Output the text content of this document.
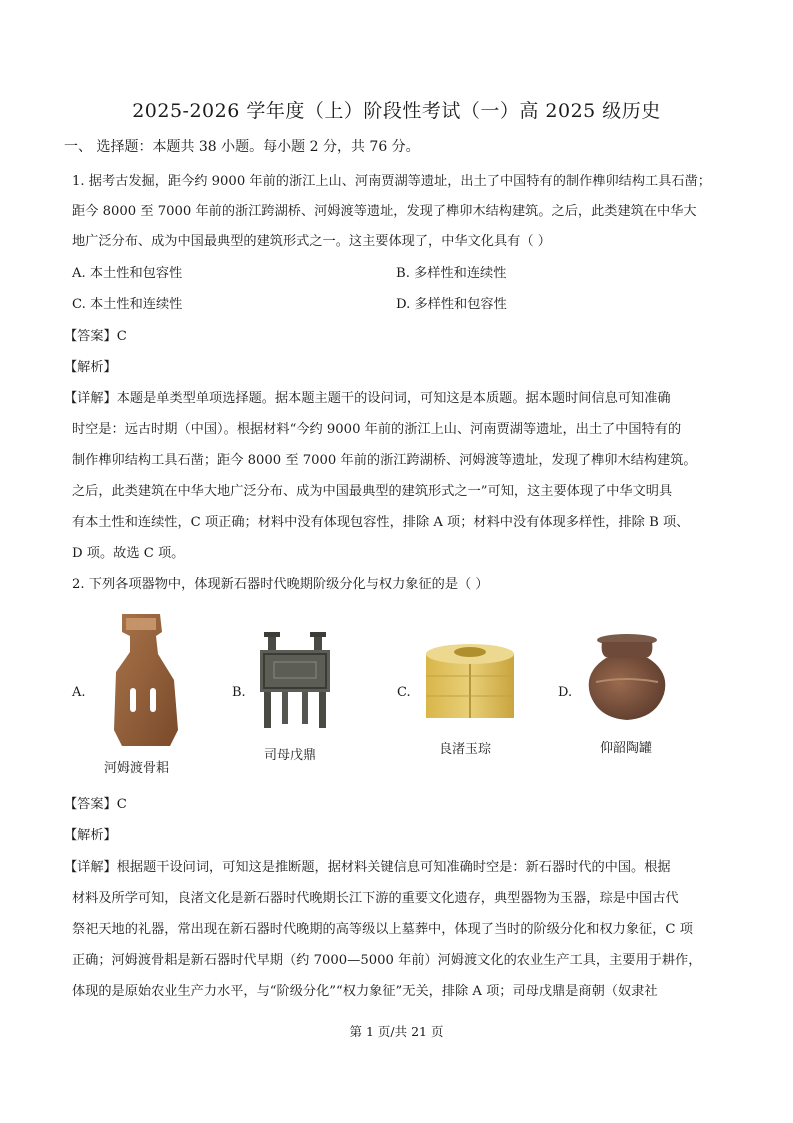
2025-2026 学年度（上）阶段性考试（一）高 2025 级历史
一、 选择题：本题共 38 小题。每小题 2 分，共 76 分。
1. 据考古发掘，距今约 9000 年前的浙江上山、河南贾湖等遗址，出土了中国特有的制作榫卯结构工具石凿；
距今 8000 至 7000 年前的浙江跨湖桥、河姆渡等遗址，发现了榫卯木结构建筑。之后，此类建筑在中华大
地广泛分布、成为中国最典型的建筑形式之一。这主要体现了，中华文化具有（ ）
A. 本土性和包容性	B. 多样性和连续性
C. 本土性和连续性	D. 多样性和包容性
【答案】C
【解析】
【详解】本题是单类型单项选择题。据本题主题干的设问词，可知这是本质题。据本题时间信息可知准确
时空是：远古时期（中国）。根据材料“今约 9000 年前的浙江上山、河南贾湖等遗址，出土了中国特有的
制作榫卯结构工具石凿；距今 8000 至 7000 年前的浙江跨湖桥、河姆渡等遗址，发现了榫卯木结构建筑。
之后，此类建筑在中华大地广泛分布、成为中国最典型的建筑形式之一”可知，这主要体现了中华文明具
有本土性和连续性，C 项正确；材料中没有体现包容性，排除 A 项；材料中没有体现多样性，排除 B 项、
D 项。故选 C 项。
2. 下列各项器物中，体现新石器时代晚期阶级分化与权力象征的是（ ）
A.
河姆渡骨耜
B.
司母戊鼎
C.
良渚玉琮
D.
仰韶陶罐
【答案】C
【解析】
【详解】根据题干设问词，可知这是推断题，据材料关键信息可知准确时空是：新石器时代的中国。根据
材料及所学可知，良渚文化是新石器时代晚期长江下游的重要文化遗存，典型器物为玉器，琮是中国古代
祭祀天地的礼器，常出现在新石器时代晚期的高等级以上墓葬中，体现了当时的阶级分化和权力象征，C 项
正确；河姆渡骨耜是新石器时代早期（约 7000—5000 年前）河姆渡文化的农业生产工具，主要用于耕作，
体现的是原始农业生产力水平，与“阶级分化”“权力象征”无关，排除 A 项；司母戊鼎是商朝（奴隶社
第 1 页/共 21 页
